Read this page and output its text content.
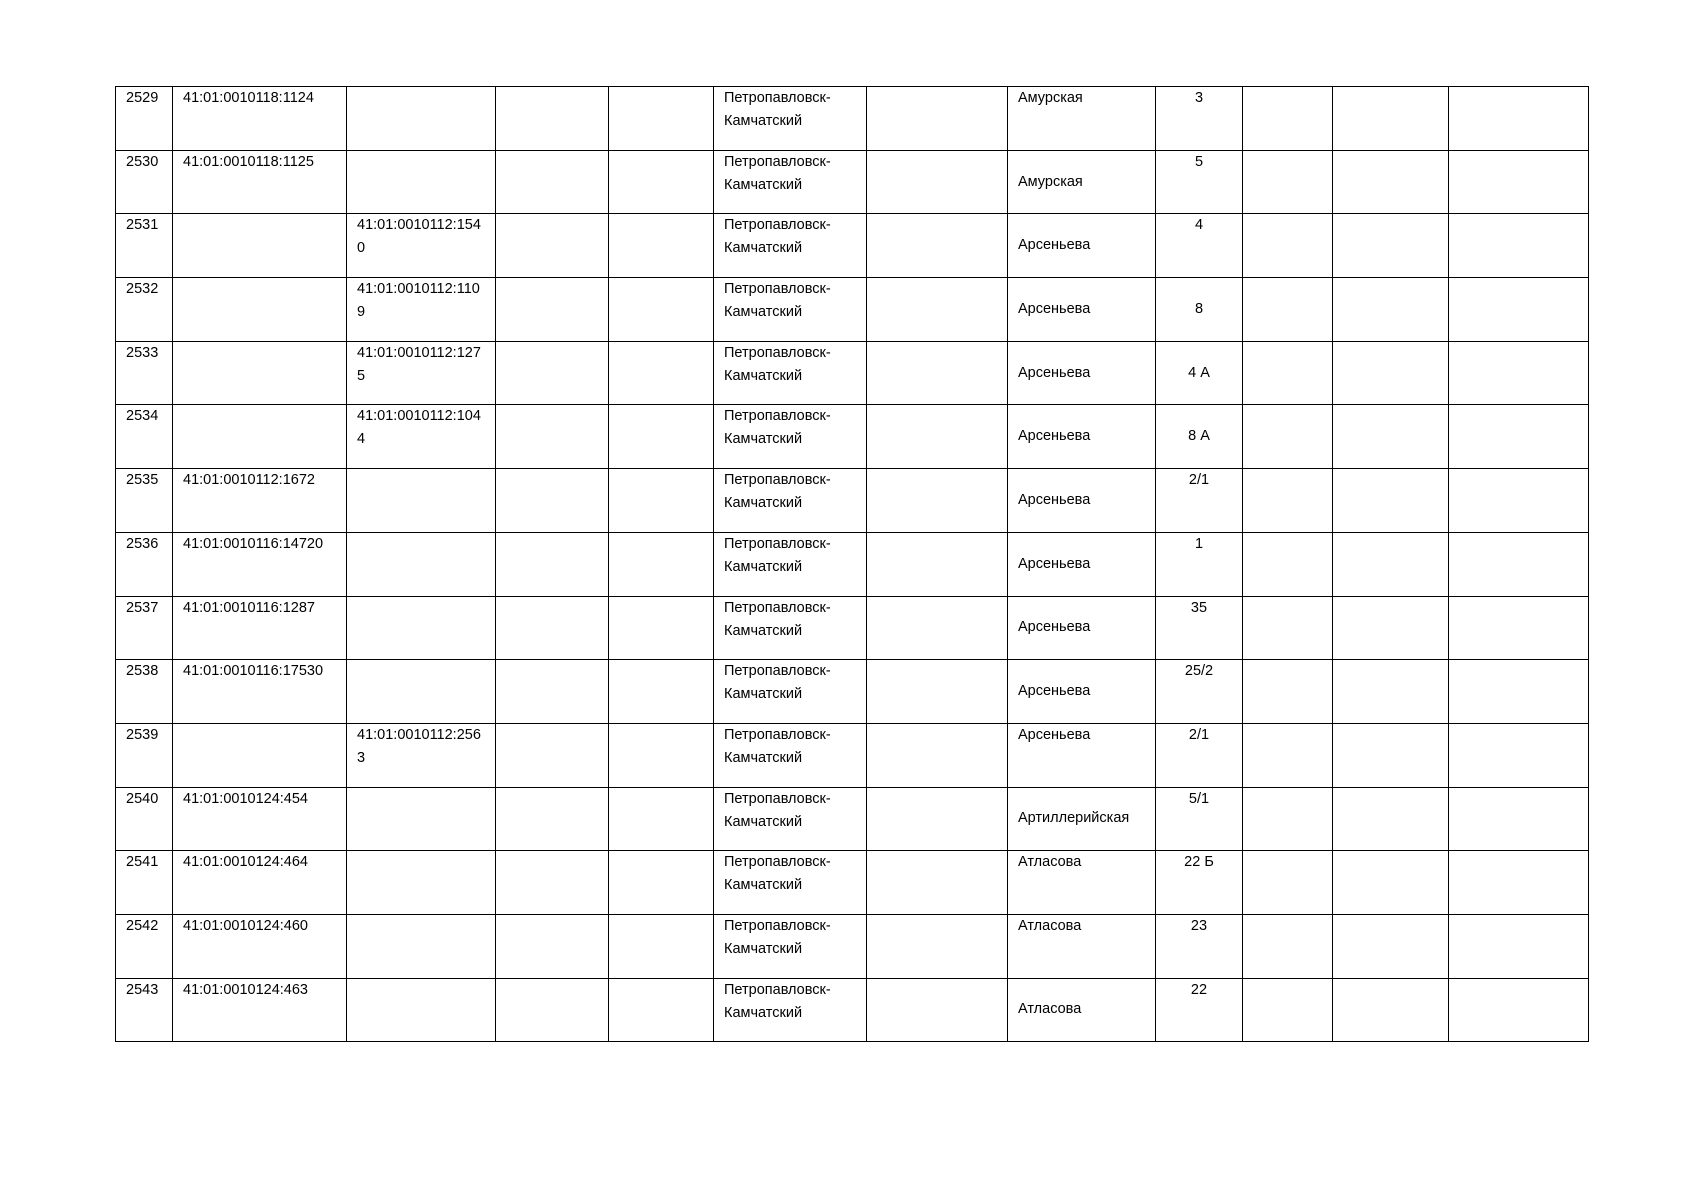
2529	41:01:0010118:1124				Петропавловск-Камчатский		Амурская	3			
2530	41:01:0010118:1125				Петропавловск-Камчатский		Амурская	5			
2531		41:01:0010112:1540			Петропавловск-Камчатский		Арсеньева	4			
2532		41:01:0010112:1109			Петропавловск-Камчатский		Арсеньева	8			
2533		41:01:0010112:1275			Петропавловск-Камчатский		Арсеньева	4 А			
2534		41:01:0010112:1044			Петропавловск-Камчатский		Арсеньева	8 А			
2535	41:01:0010112:1672				Петропавловск-Камчатский		Арсеньева	2/1			
2536	41:01:0010116:14720				Петропавловск-Камчатский		Арсеньева	1			
2537	41:01:0010116:1287				Петропавловск-Камчатский		Арсеньева	35			
2538	41:01:0010116:17530				Петропавловск-Камчатский		Арсеньева	25/2			
2539		41:01:0010112:2563			Петропавловск-Камчатский		Арсеньева	2/1			
2540	41:01:0010124:454				Петропавловск-Камчатский		Артиллерийская	5/1			
2541	41:01:0010124:464				Петропавловск-Камчатский		Атласова	22 Б			
2542	41:01:0010124:460				Петропавловск-Камчатский		Атласова	23			
2543	41:01:0010124:463				Петропавловск-Камчатский		Атласова	22			
